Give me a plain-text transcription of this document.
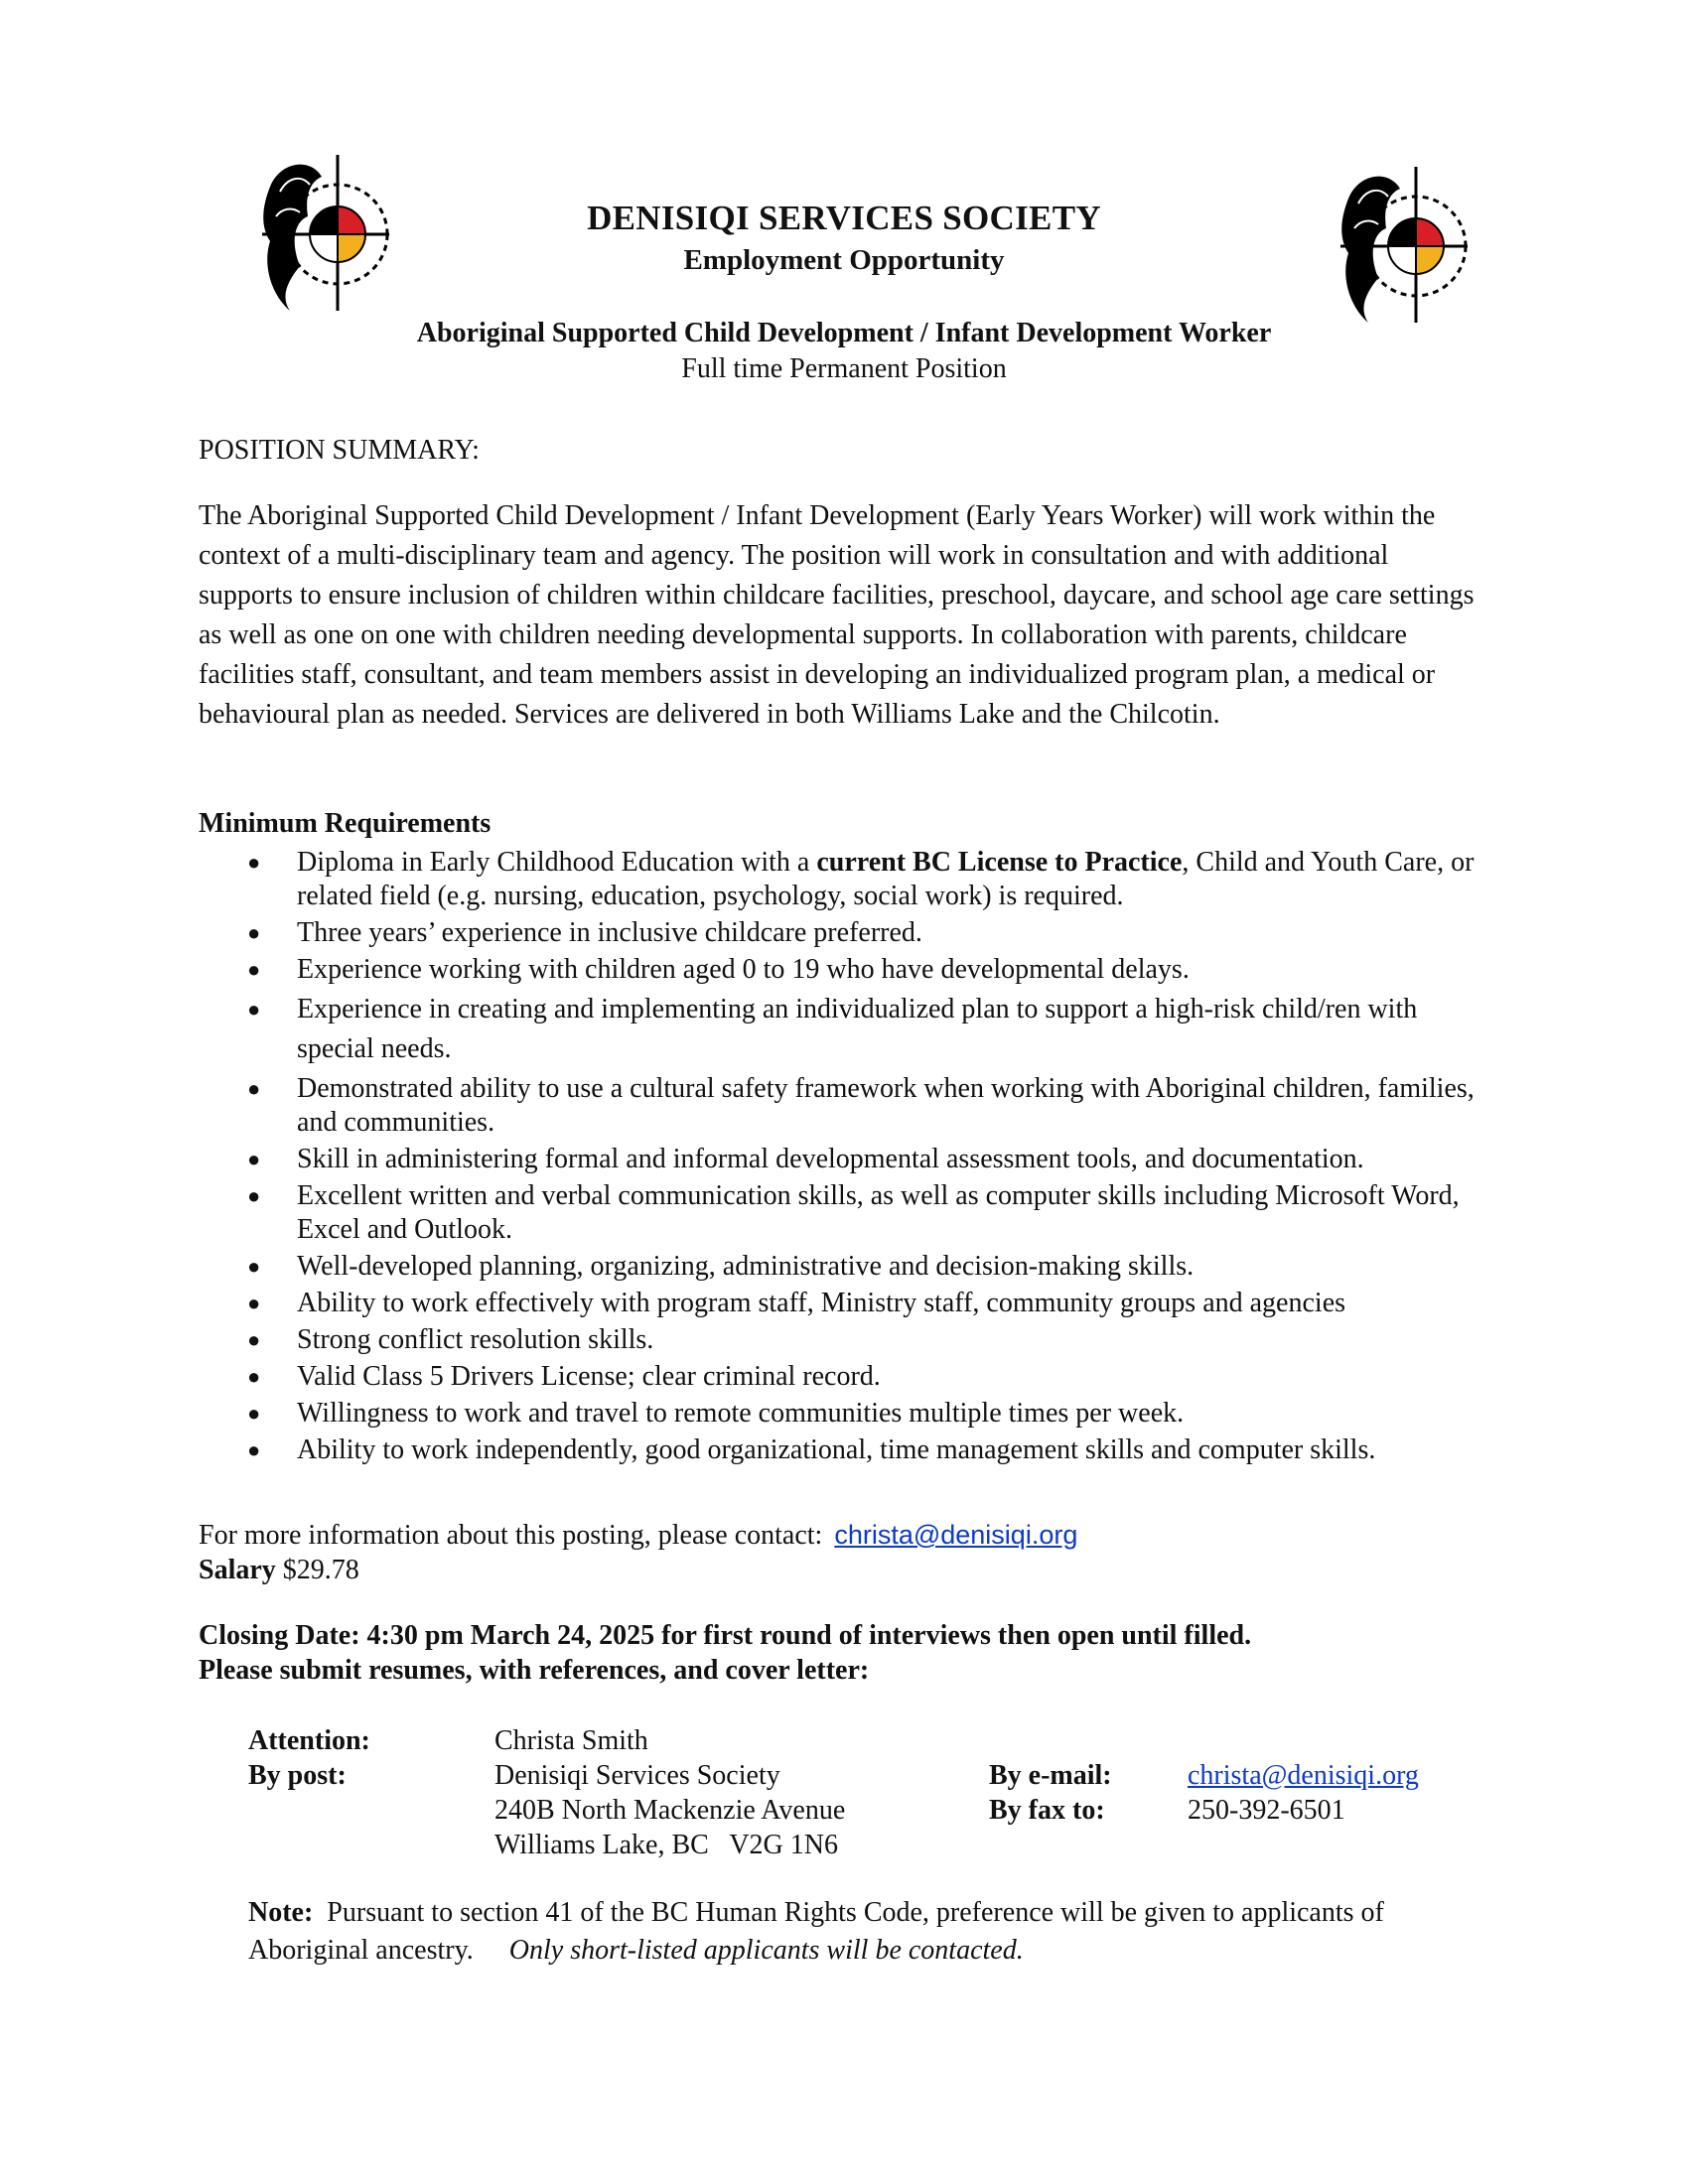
DENISIQI SERVICES SOCIETY
Employment Opportunity
Aboriginal Supported Child Development / Infant Development Worker
Full time Permanent Position
POSITION SUMMARY:
The Aboriginal Supported Child Development / Infant Development (Early Years Worker) will work within the context of a multi-disciplinary team and agency. The position will work in consultation and with additional supports to ensure inclusion of children within childcare facilities, preschool, daycare, and school age care settings as well as one on one with children needing developmental supports. In collaboration with parents, childcare facilities staff, consultant, and team members assist in developing an individualized program plan, a medical or behavioural plan as needed. Services are delivered in both Williams Lake and the Chilcotin.
Minimum Requirements
● Diploma in Early Childhood Education with a current BC License to Practice, Child and Youth Care, or related field (e.g. nursing, education, psychology, social work) is required.
● Three years’ experience in inclusive childcare preferred.
● Experience working with children aged 0 to 19 who have developmental delays.
● Experience in creating and implementing an individualized plan to support a high-risk child/ren with special needs.
● Demonstrated ability to use a cultural safety framework when working with Aboriginal children, families, and communities.
● Skill in administering formal and informal developmental assessment tools, and documentation.
● Excellent written and verbal communication skills, as well as computer skills including Microsoft Word, Excel and Outlook.
● Well-developed planning, organizing, administrative and decision-making skills.
● Ability to work effectively with program staff, Ministry staff, community groups and agencies
● Strong conflict resolution skills.
● Valid Class 5 Drivers License; clear criminal record.
● Willingness to work and travel to remote communities multiple times per week.
● Ability to work independently, good organizational, time management skills and computer skills.
For more information about this posting, please contact: christa@denisiqi.org
Salary $29.78
Closing Date: 4:30 pm March 24, 2025 for first round of interviews then open until filled.
Please submit resumes, with references, and cover letter:
Attention:
By post:
Christa Smith
Denisiqi Services Society
240B North Mackenzie Avenue
Williams Lake, BC   V2G 1N6
By e-mail:
By fax to:
christa@denisiqi.org
250-392-6501
Note:  Pursuant to section 41 of the BC Human Rights Code, preference will be given to applicants of Aboriginal ancestry. Only short-listed applicants will be contacted.
